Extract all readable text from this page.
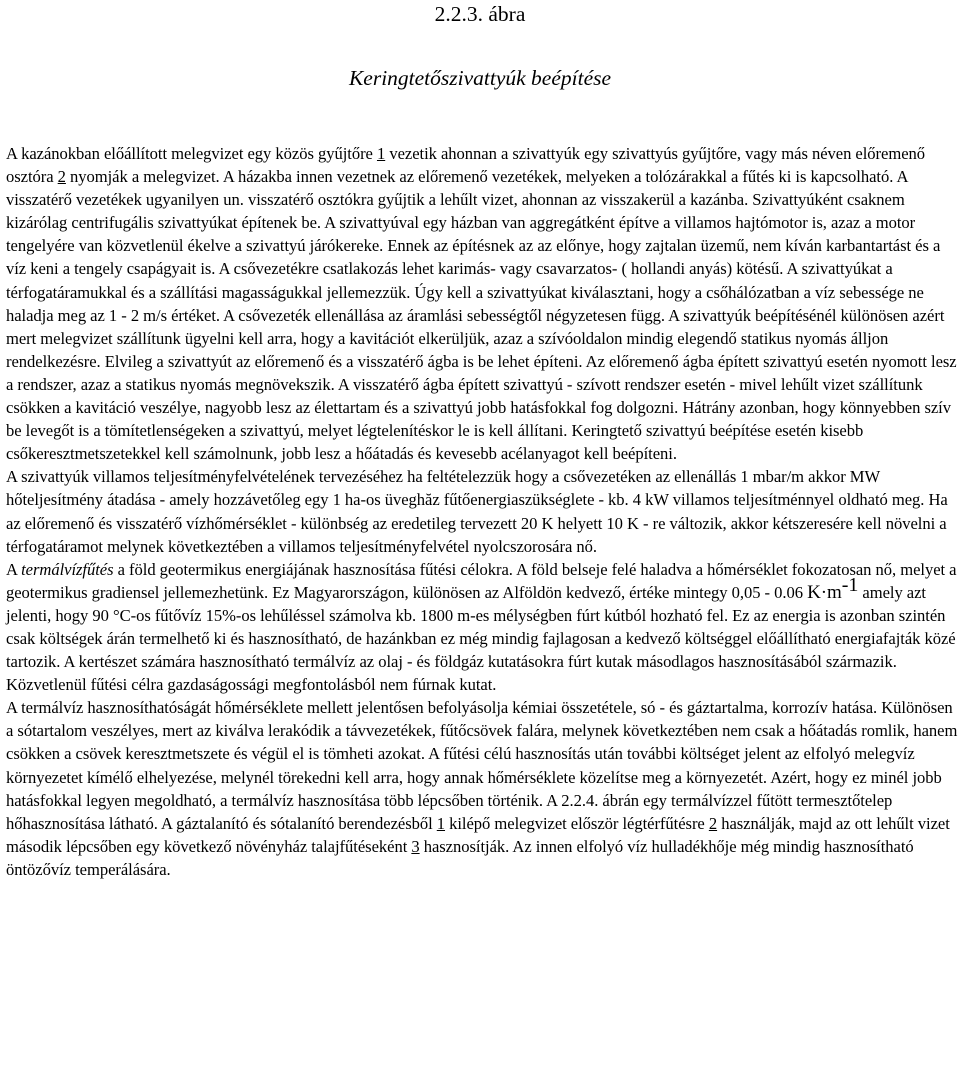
2.2.3. ábra
Keringtetőszivattyúk beépítése

A kazánokban előállított melegvizet egy közös gyűjtőre 1 vezetik ahonnan a szivattyúk egy szivattyús gyűjtőre, vagy más néven előremenő osztóra 2 nyomják a melegvizet. A házakba innen vezetnek az előremenő vezetékek, melyeken a tolózárakkal a fűtés ki is kapcsolható. A visszatérő vezetékek ugyanilyen un. visszatérő osztókra gyűjtik a lehűlt vizet, ahonnan az visszakerül a kazánba. Szivattyúként csaknem kizárólag centrifugális szivattyúkat építenek be. A szivattyúval egy házban van aggregátként építve a villamos hajtómotor is, azaz a motor tengelyére van közvetlenül ékelve a szivattyú járókereke. Ennek az építésnek az az előnye, hogy zajtalan üzemű, nem kíván karbantartást és a víz keni a tengely csapágyait is. A csővezetékre csatlakozás lehet karimás- vagy csavarzatos- ( hollandi anyás) kötésű. A szivattyúkat a térfogatáramukkal és a szállítási magasságukkal jellemezzük. Úgy kell a szivattyúkat kiválasztani, hogy a csőhálózatban a víz sebessége ne haladja meg az 1 - 2 m/s értéket. A csővezeték ellenállása az áramlási sebességtől négyzetesen függ. A szivattyúk beépítésénél különösen azért mert melegvizet szállítunk ügyelni kell arra, hogy a kavitációt elkerüljük, azaz a szívóoldalon mindig elegendő statikus nyomás álljon rendelkezésre. Elvileg a szivattyút az előremenő és a visszatérő ágba is be lehet építeni. Az előremenő ágba épített szivattyú esetén nyomott lesz a rendszer, azaz a statikus nyomás megnövekszik. A visszatérő ágba épített szivattyú - szívott rendszer esetén - mivel lehűlt vizet szállítunk csökken a kavitáció veszélye, nagyobb lesz az élettartam és a szivattyú jobb hatásfokkal fog dolgozni. Hátrány azonban, hogy könnyebben szív be levegőt is a tömítetlenségeken a szivattyú, melyet légtelenítéskor le is kell állítani. Keringtető szivattyú beépítése esetén kisebb csőkeresztmetszetekkel kell számolnunk, jobb lesz a hőátadás és kevesebb acélanyagot kell beépíteni.

A szivattyúk villamos teljesítményfelvételének tervezéséhez ha feltételezzük hogy a csővezetéken az ellenállás 1 mbar/m akkor MW hőteljesítmény átadása - amely hozzávetőleg egy 1 ha-os üveghăz fűtőenergiaszükséglete - kb. 4 kW villamos teljesítménnyel oldható meg. Ha az előremenő és visszatérő vízhőmérséklet - különbség az eredetileg tervezett 20 K helyett 10 K - re változik, akkor kétszeresére kell növelni a térfogatáramot melynek következtében a villamos teljesítményfelvétel nyolcszorosára nő.

A termálvízfűtés a föld geotermikus energiájának hasznosítása fűtési célokra. A föld belseje felé haladva a hőmérséklet fokozatosan nő, melyet a geotermikus gradiensel jellemezhetünk. Ez Magyarországon, különösen az Alföldön kedvező, értéke mintegy 0,05 - 0.06 $K\cdot m^{-1}$ amely azt jelenti, hogy 90 °C-os fűtővíz 15%-os lehűléssel számolva kb. 1800 m-es mélységben fúrt kútból hozható fel. Ez az energia is azonban szintén csak költségek árán termelhető ki és hasznosítható, de hazánkban ez még mindig fajlagosan a kedvező költséggel előállítható energiafajták közé tartozik. A kertészet számára hasznosítható termálvíz az olaj - és földgáz kutatásokra fúrt kutak másodlagos hasznosításából származik. Közvetlenül fűtési célra gazdaságossági megfontolásból nem fúrnak kutat.

A termálvíz hasznosíthatóságát hőmérséklete mellett jelentősen befolyásolja kémiai összetétele, só - és gáztartalma, korrozív hatása. Különösen a sótartalom veszélyes, mert az kiválva lerakódik a távvezetékek, fűtőcsövek falára, melynek következtében nem csak a hőátadás romlik, hanem csökken a csövek keresztmetszete és végül el is tömheti azokat. A fűtési célú hasznosítás után további költséget jelent az elfolyó melegvíz környezetet kímélő elhelyezése, melynél törekedni kell arra, hogy annak hőmérséklete közelítse meg a környezetét. Azért, hogy ez minél jobb hatásfokkal legyen megoldható, a termálvíz hasznosítása több lépcsőben történik. A 2.2.4. ábrán egy termálvízzel fűtött termesztőtelep hőhasznosítása látható. A gáztalanító és sótalanító berendezésből 1 kilépő melegvizet először légtérfűtésre 2 használják, majd az ott lehűlt vizet második lépcsőben egy következő növényház talajfűtéseként 3 hasznosítják. Az innen elfolyó víz hulladékhője még mindig hasznosítható öntözővíz temperálására.
